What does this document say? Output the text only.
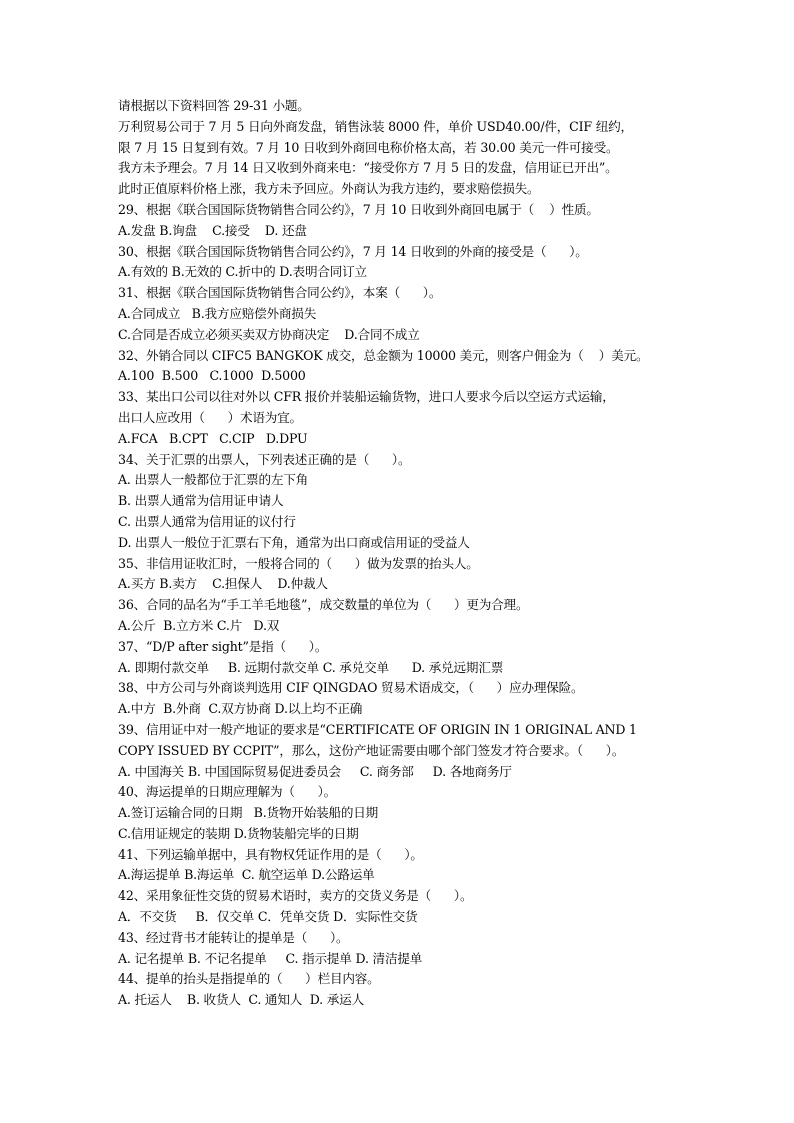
请根据以下资料回答 29-31 小题。
万利贸易公司于 7 月 5 日向外商发盘，销售泳装 8000 件，单价 USD40.00/件，CIF 纽约，
限 7 月 15 日复到有效。7 月 10 日收到外商回电称价格太高，若 30.00 美元一件可接受。
我方未予理会。7 月 14 日又收到外商来电：“接受你方 7 月 5 日的发盘，信用证已开出”。
此时正值原料价格上涨，我方未予回应。外商认为我方违约，要求赔偿损失。
29、根据《联合国国际货物销售合同公约》，7 月 10 日收到外商回电属于（    ）性质。
A.发盘 B.询盘    C.接受    D. 还盘
30、根据《联合国国际货物销售合同公约》，7 月 14 日收到的外商的接受是（      ）。
A.有效的 B.无效的 C.折中的 D.表明合同订立
31、根据《联合国国际货物销售合同公约》，本案（      ）。
A.合同成立   B.我方应赔偿外商损失
C.合同是否成立必须买卖双方协商决定    D.合同不成立
32、外销合同以 CIFC5 BANGKOK 成交，总金额为 10000 美元，则客户佣金为（    ）美元。
A.100  B.500   C.1000  D.5000
33、某出口公司以往对外以 CFR 报价并装船运输货物，进口人要求今后以空运方式运输，
出口人应改用（      ）术语为宜。
A.FCA   B.CPT   C.CIP   D.DPU
34、关于汇票的出票人，下列表述正确的是（      ）。
A. 出票人一般都位于汇票的左下角
B. 出票人通常为信用证申请人
C. 出票人通常为信用证的议付行
D. 出票人一般位于汇票右下角，通常为出口商或信用证的受益人
35、非信用证收汇时，一般将合同的（      ）做为发票的抬头人。
A.买方 B.卖方    C.担保人    D.仲裁人
36、合同的品名为“手工羊毛地毯”，成交数量的单位为（      ）更为合理。
A.公斤  B.立方米 C.片   D.双
37、“D/P after sight”是指（      ）。
A. 即期付款交单     B. 远期付款交单 C. 承兑交单      D. 承兑远期汇票
38、中方公司与外商谈判选用 CIF QINGDAO 贸易术语成交，（      ）应办理保险。
A.中方  B.外商  C.双方协商 D.以上均不正确
39、信用证中对一般产地证的要求是“CERTIFICATE OF ORIGIN IN 1 ORIGINAL AND 1
COPY ISSUED BY CCPIT”，那么，这份产地证需要由哪个部门签发才符合要求。（      ）。
A. 中国海关 B. 中国国际贸易促进委员会     C. 商务部     D. 各地商务厅
40、海运提单的日期应理解为（      ）。
A.签订运输合同的日期   B.货物开始装船的日期
C.信用证规定的装期 D.货物装船完毕的日期
41、下列运输单据中，具有物权凭证作用的是（      ）。
A.海运提单 B.海运单  C. 航空运单 D.公路运单
42、采用象征性交货的贸易术语时，卖方的交货义务是（      ）。
A．不交货     B．仅交单 C．凭单交货 D．实际性交货
43、经过背书才能转让的提单是（      ）。
A. 记名提单 B. 不记名提单     C. 指示提单 D. 清洁提单
44、提单的抬头是指提单的（      ）栏目内容。
A. 托运人    B. 收货人  C. 通知人  D. 承运人
